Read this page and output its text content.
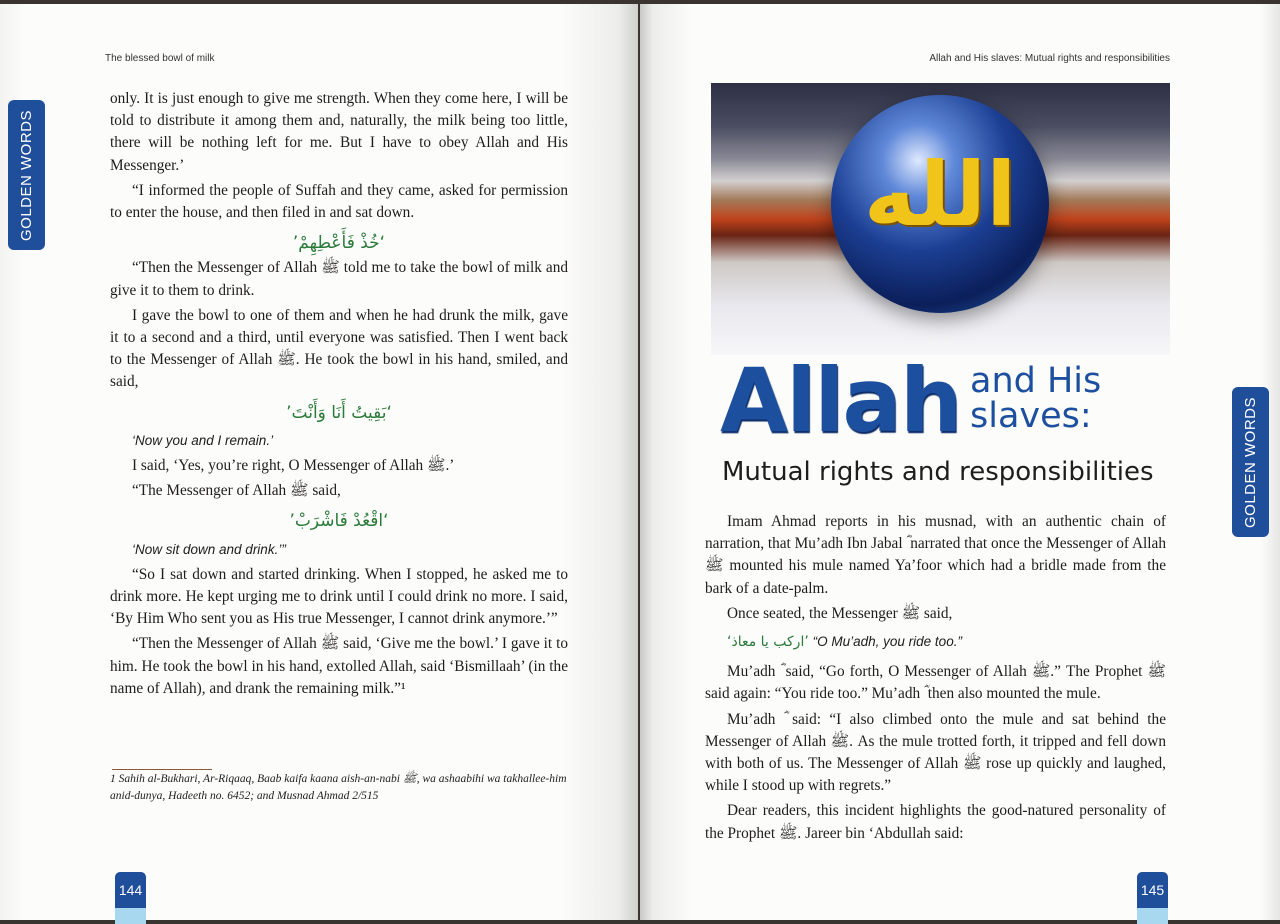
The blessed bowl of milk
GOLDEN WORDS

only. It is just enough to give me strength. When they come here, I will be told to distribute it among them and, naturally, the milk being too little, there will be nothing left for me. But I have to obey Allah and His Messenger.’

“I informed the people of Suffah and they came, asked for permission to enter the house, and then filed in and sat down.

‘خُذْ فَأَعْطِهِمْ’

“Then the Messenger of Allah ﷺ told me to take the bowl of milk and give it to them to drink.

I gave the bowl to one of them and when he had drunk the milk, gave it to a second and a third, until everyone was satisfied. Then I went back to the Messenger of Allah ﷺ. He took the bowl in his hand, smiled, and said,

‘بَقِيتُ أَنَا وَأَنْتَ’

‘Now you and I remain.’

I said, ‘Yes, you’re right, O Messenger of Allah ﷺ.’

“The Messenger of Allah ﷺ said,

‘اقْعُدْ فَاشْرَبْ’

‘Now sit down and drink.’”

“So I sat down and started drinking. When I stopped, he asked me to drink more. He kept urging me to drink until I could drink no more. I said, ‘By Him Who sent you as His true Messenger, I cannot drink anymore.’”

“Then the Messenger of Allah ﷺ said, ‘Give me the bowl.’ I gave it to him. He took the bowl in his hand, extolled Allah, said ‘Bismillaah’ (in the name of Allah), and drank the remaining milk.”¹

1 Sahih al-Bukhari, Ar-Riqaaq, Baab kaifa kaana aish-an-nabi ﷺ, wa ashaabihi wa takhallee-him anid-dunya, Hadeeth no. 6452; and Musnad Ahmad 2/515
144
Allah and His slaves: Mutual rights and responsibilities
الله
Allah and His
slaves:
Mutual rights and responsibilities	GOLDEN WORDS

Imam Ahmad reports in his musnad, with an authentic chain of narration, that Mu’adh Ibn Jabal ؓ narrated that once the Messenger of Allah ﷺ mounted his mule named Ya’foor which had a bridle made from the bark of a date-palm.

Once seated, the Messenger ﷺ said,

‘اركب يا معاذ’ “O Mu’adh, you ride too.”

Mu’adh ؓ said, “Go forth, O Messenger of Allah ﷺ.” The Prophet ﷺ said again: “You ride too.” Mu’adh ؓ then also mounted the mule.

Mu’adh ؓ said: “I also climbed onto the mule and sat behind the Messenger of Allah ﷺ. As the mule trotted forth, it tripped and fell down with both of us. The Messenger of Allah ﷺ rose up quickly and laughed, while I stood up with regrets.”

Dear readers, this incident highlights the good-natured personality of the Prophet ﷺ. Jareer bin ‘Abdullah said:

145
